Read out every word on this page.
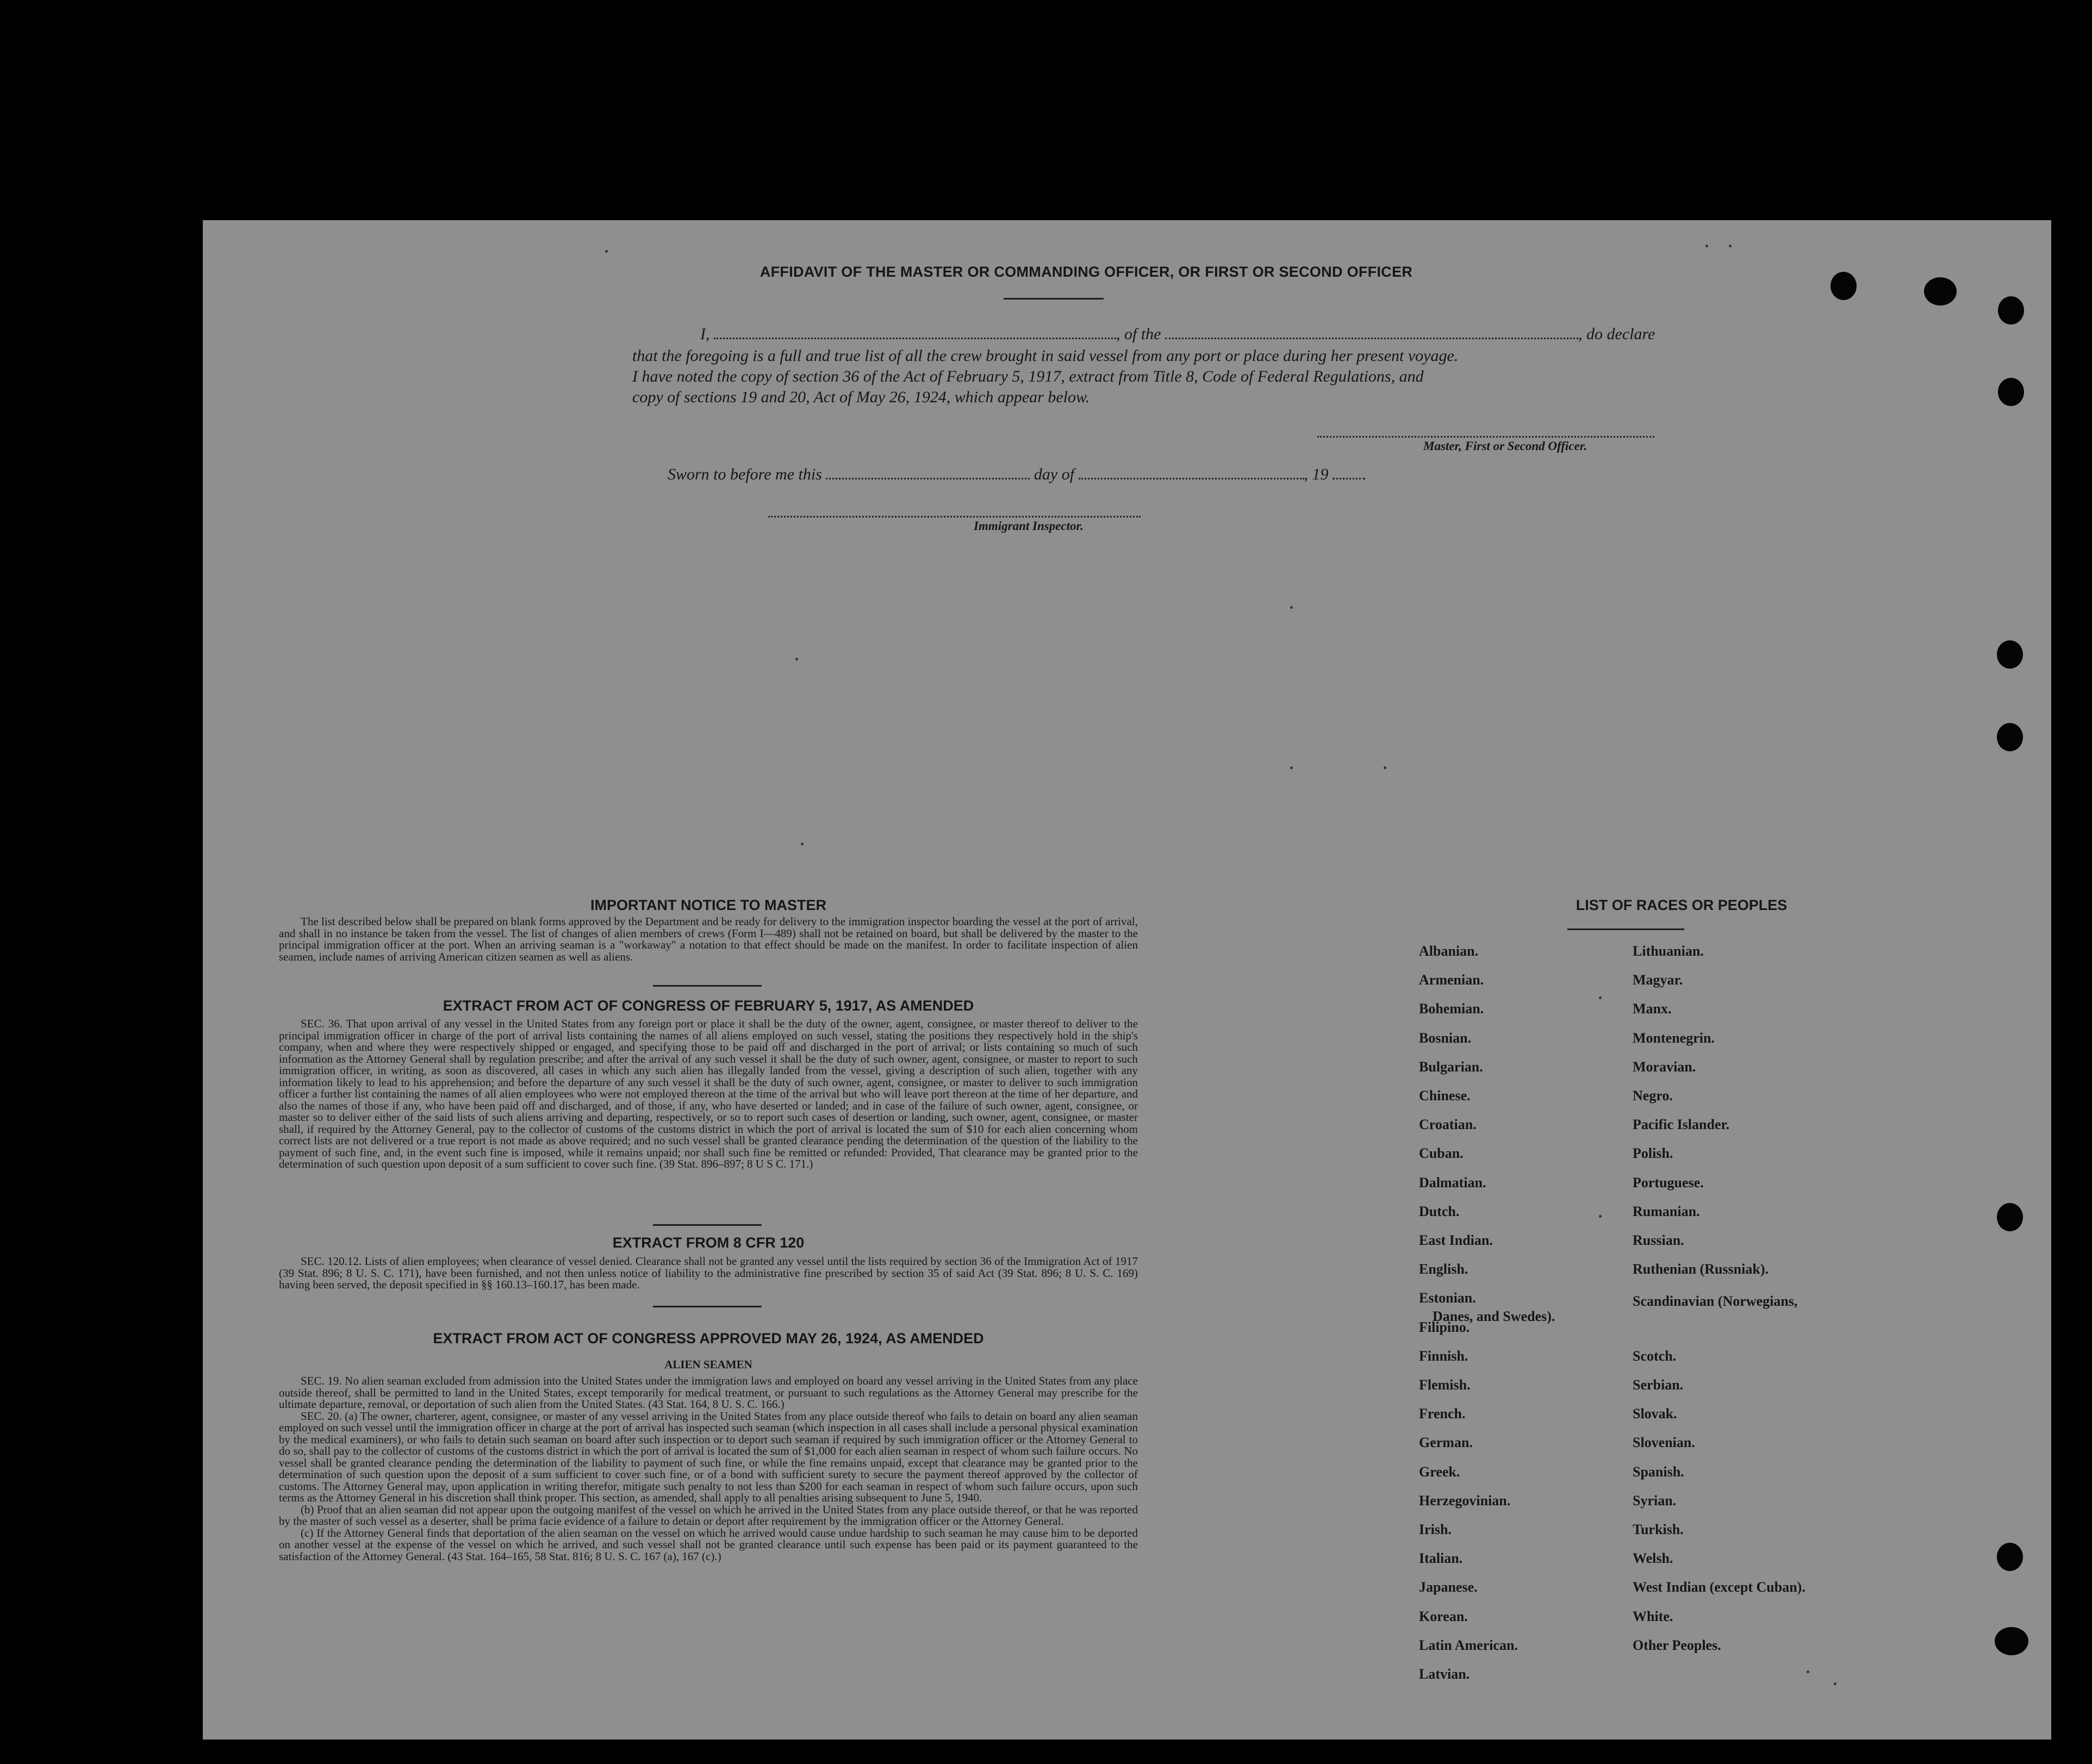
AFFIDAVIT OF THE MASTER OR COMMANDING OFFICER, OR FIRST OR SECOND OFFICER
I,	, of the	, do declare
that the foregoing is a full and true list of all the crew brought in said vessel from any port or place during her present voyage.
I have noted the copy of section 36 of the Act of February 5, 1917, extract from Title 8, Code of Federal Regulations, and
copy of sections 19 and 20, Act of May 26, 1924, which appear below.
Master, First or Second Officer.
Sworn to before me this	day of	, 19
Immigrant Inspector.
IMPORTANT NOTICE TO MASTER
The list described below shall be prepared on blank forms approved by the Department and be ready for delivery to the immigration inspector boarding the vessel at the port of arrival, and shall in no instance be taken from the vessel. The list of changes of alien members of crews (Form I—489) shall not be retained on board, but shall be delivered by the master to the principal immigration officer at the port. When an arriving seaman is a "workaway" a notation to that effect should be made on the manifest. In order to facilitate inspection of alien seamen, include names of arriving American citizen seamen as well as aliens.
EXTRACT FROM ACT OF CONGRESS OF FEBRUARY 5, 1917, AS AMENDED
SEC. 36. That upon arrival of any vessel in the United States from any foreign port or place it shall be the duty of the owner, agent, consignee, or master thereof to deliver to the principal immigration officer in charge of the port of arrival lists containing the names of all aliens employed on such vessel, stating the positions they respectively hold in the ship's company, when and where they were respectively shipped or engaged, and specifying those to be paid off and discharged in the port of arrival; or lists containing so much of such information as the Attorney General shall by regulation prescribe; and after the arrival of any such vessel it shall be the duty of such owner, agent, consignee, or master to report to such immigration officer, in writing, as soon as discovered, all cases in which any such alien has illegally landed from the vessel, giving a description of such alien, together with any information likely to lead to his apprehension; and before the departure of any such vessel it shall be the duty of such owner, agent, consignee, or master to deliver to such immigration officer a further list containing the names of all alien employees who were not employed thereon at the time of the arrival but who will leave port thereon at the time of her departure, and also the names of those if any, who have been paid off and discharged, and of those, if any, who have deserted or landed; and in case of the failure of such owner, agent, consignee, or master so to deliver either of the said lists of such aliens arriving and departing, respectively, or so to report such cases of desertion or landing, such owner, agent, consignee, or master shall, if required by the Attorney General, pay to the collector of customs of the customs district in which the port of arrival is located the sum of $10 for each alien concerning whom correct lists are not delivered or a true report is not made as above required; and no such vessel shall be granted clearance pending the determination of the question of the liability to the payment of such fine, and, in the event such fine is imposed, while it remains unpaid; nor shall such fine be remitted or refunded: Provided, That clearance may be granted prior to the determination of such question upon deposit of a sum sufficient to cover such fine. (39 Stat. 896–897; 8 U S C. 171.)
EXTRACT FROM 8 CFR 120
SEC. 120.12. Lists of alien employees; when clearance of vessel denied. Clearance shall not be granted any vessel until the lists required by section 36 of the Immigration Act of 1917 (39 Stat. 896; 8 U. S. C. 171), have been furnished, and not then unless notice of liability to the administrative fine prescribed by section 35 of said Act (39 Stat. 896; 8 U. S. C. 169) having been served, the deposit specified in §§ 160.13–160.17, has been made.
EXTRACT FROM ACT OF CONGRESS APPROVED MAY 26, 1924, AS AMENDED
ALIEN SEAMEN
SEC. 19. No alien seaman excluded from admission into the United States under the immigration laws and employed on board any vessel arriving in the United States from any place outside thereof, shall be permitted to land in the United States, except temporarily for medical treatment, or pursuant to such regulations as the Attorney General may prescribe for the ultimate departure, removal, or deportation of such alien from the United States. (43 Stat. 164, 8 U. S. C. 166.)
SEC. 20. (a) The owner, charterer, agent, consignee, or master of any vessel arriving in the United States from any place outside thereof who fails to detain on board any alien seaman employed on such vessel until the immigration officer in charge at the port of arrival has inspected such seaman (which inspection in all cases shall include a personal physical examination by the medical examiners), or who fails to detain such seaman on board after such inspection or to deport such seaman if required by such immigration officer or the Attorney General to do so, shall pay to the collector of customs of the customs district in which the port of arrival is located the sum of $1,000 for each alien seaman in respect of whom such failure occurs. No vessel shall be granted clearance pending the determination of the liability to payment of such fine, or while the fine remains unpaid, except that clearance may be granted prior to the determination of such question upon the deposit of a sum sufficient to cover such fine, or of a bond with sufficient surety to secure the payment thereof approved by the collector of customs. The Attorney General may, upon application in writing therefor, mitigate such penalty to not less than $200 for each seaman in respect of whom such failure occurs, upon such terms as the Attorney General in his discretion shall think proper. This section, as amended, shall apply to all penalties arising subsequent to June 5, 1940.
(b) Proof that an alien seaman did not appear upon the outgoing manifest of the vessel on which he arrived in the United States from any place outside thereof, or that he was reported by the master of such vessel as a deserter, shall be prima facie evidence of a failure to detain or deport after requirement by the immigration officer or the Attorney General.
(c) If the Attorney General finds that deportation of the alien seaman on the vessel on which he arrived would cause undue hardship to such seaman he may cause him to be deported on another vessel at the expense of the vessel on which he arrived, and such vessel shall not be granted clearance until such expense has been paid or its payment guaranteed to the satisfaction of the Attorney General. (43 Stat. 164–165, 58 Stat. 816; 8 U. S. C. 167 (a), 167 (c).)
LIST OF RACES OR PEOPLES
Albanian.
Armenian.
Bohemian.
Bosnian.
Bulgarian.
Chinese.
Croatian.
Cuban.
Dalmatian.
Dutch.
East Indian.
English.
Estonian.
Filipino.
Finnish.
Flemish.
French.
German.
Greek.
Herzegovinian.
Irish.
Italian.
Japanese.
Korean.
Latin American.
Latvian.
Lithuanian.
Magyar.
Manx.
Montenegrin.
Moravian.
Negro.
Pacific Islander.
Polish.
Portuguese.
Rumanian.
Russian.
Ruthenian (Russniak).
Scandinavian (Norwegians,
Danes, and Swedes).
Scotch.
Serbian.
Slovak.
Slovenian.
Spanish.
Syrian.
Turkish.
Welsh.
West Indian (except Cuban).
White.
Other Peoples.
